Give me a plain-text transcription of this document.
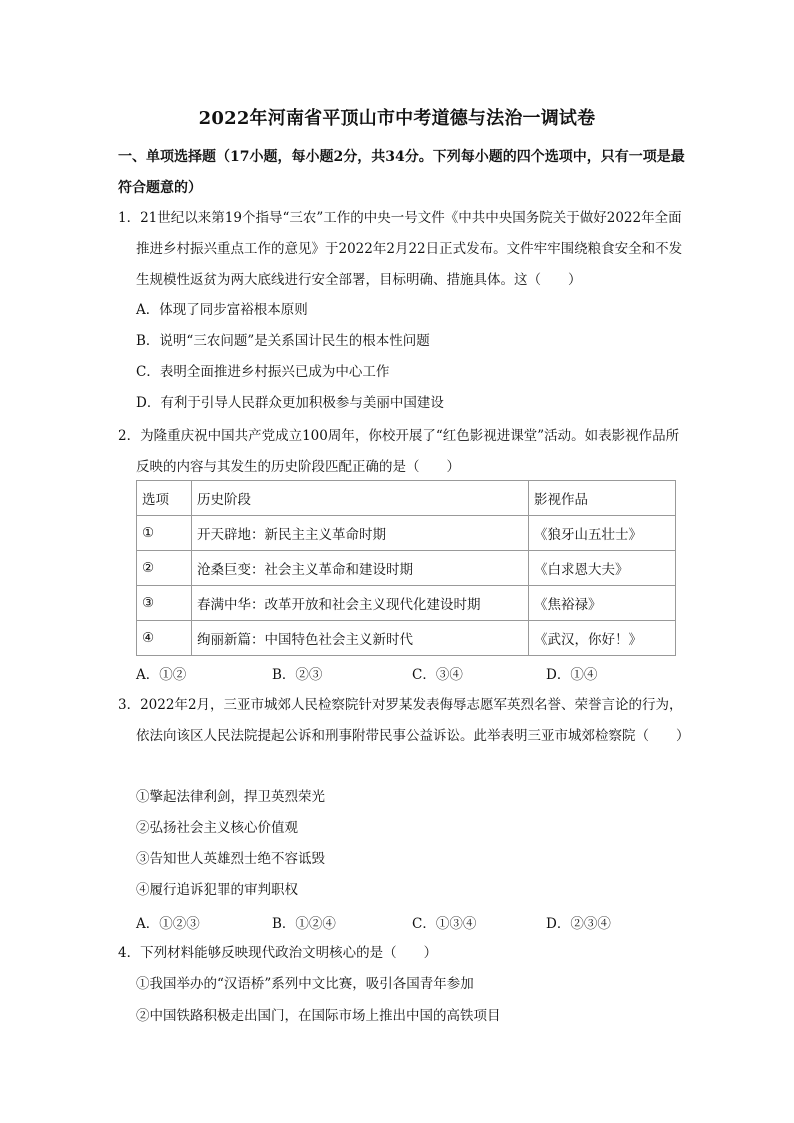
2022年河南省平顶山市中考道德与法治一调试卷
一、单项选择题（17小题，每小题2分，共34分。下列每小题的四个选项中，只有一项是最符合题意的）

1．21世纪以来第19个指导“三农”工作的中央一号文件《中共中央国务院关于做好2022年全面推进乡村振兴重点工作的意见》于2022年2月22日正式发布。文件牢牢围绕粮食安全和不发生规模性返贫为两大底线进行安全部署，目标明确、措施具体。这（　　）

A．体现了同步富裕根本原则
B．说明“三农问题”是关系国计民生的根本性问题
C．表明全面推进乡村振兴已成为中心工作
D．有利于引导人民群众更加积极参与美丽中国建设

2．为隆重庆祝中国共产党成立100周年，你校开展了“红色影视进课堂”活动。如表影视作品所反映的内容与其发生的历史阶段匹配正确的是（　　）

选项	历史阶段	影视作品
①	开天辟地：新民主主义革命时期	《狼牙山五壮士》
②	沧桑巨变：社会主义革命和建设时期	《白求恩大夫》
③	春满中华：改革开放和社会主义现代化建设时期	《焦裕禄》
④	绚丽新篇：中国特色社会主义新时代	《武汉，你好！》
A．①②	B．②③	C．③④	D．①④

3．2022年2月，三亚市城郊人民检察院针对罗某发表侮辱志愿军英烈名誉、荣誉言论的行为，依法向该区人民法院提起公诉和刑事附带民事公益诉讼。此举表明三亚市城郊检察院（　　）

①擎起法律利剑，捍卫英烈荣光
②弘扬社会主义核心价值观
③告知世人英雄烈士绝不容诋毁
④履行追诉犯罪的审判职权
A．①②③	B．①②④	C．①③④	D．②③④

4．下列材料能够反映现代政治文明核心的是（　　）

①我国举办的“汉语桥”系列中文比赛，吸引各国青年参加
②中国铁路积极走出国门，在国际市场上推出中国的高铁项目
